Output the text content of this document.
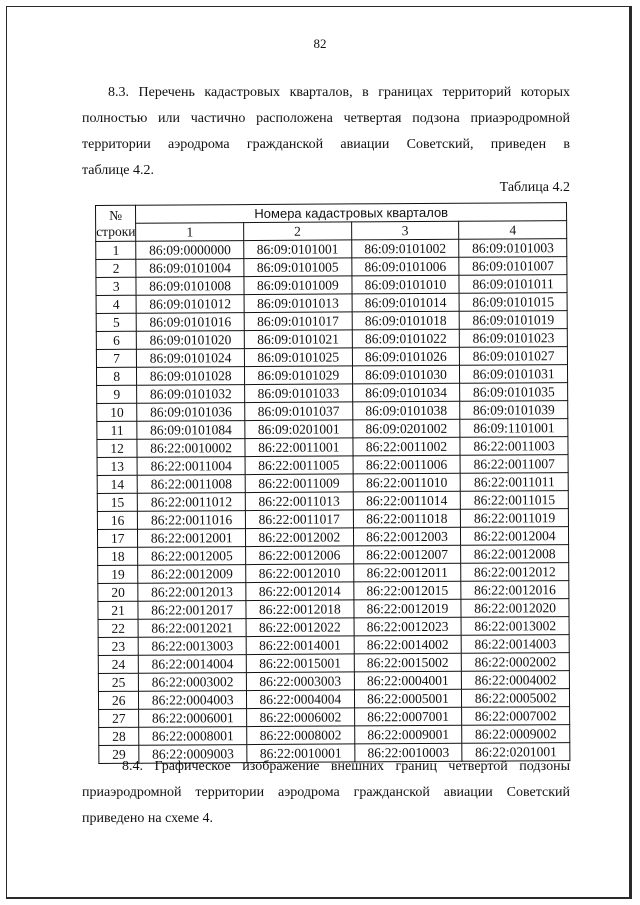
82
8.3. Перечень кадастровых кварталов, в границах территорий которых
полностью или частично расположена четвертая подзона приаэродромной
территории аэродрома гражданской авиации Советский, приведен в
таблице 4.2.
Таблица 4.2
№
строки	Номера кадастровых кварталов			
	1	2	3	4
1	86:09:0000000	86:09:0101001	86:09:0101002	86:09:0101003
2	86:09:0101004	86:09:0101005	86:09:0101006	86:09:0101007
3	86:09:0101008	86:09:0101009	86:09:0101010	86:09:0101011
4	86:09:0101012	86:09:0101013	86:09:0101014	86:09:0101015
5	86:09:0101016	86:09:0101017	86:09:0101018	86:09:0101019
6	86:09:0101020	86:09:0101021	86:09:0101022	86:09:0101023
7	86:09:0101024	86:09:0101025	86:09:0101026	86:09:0101027
8	86:09:0101028	86:09:0101029	86:09:0101030	86:09:0101031
9	86:09:0101032	86:09:0101033	86:09:0101034	86:09:0101035
10	86:09:0101036	86:09:0101037	86:09:0101038	86:09:0101039
11	86:09:0101084	86:09:0201001	86:09:0201002	86:09:1101001
12	86:22:0010002	86:22:0011001	86:22:0011002	86:22:0011003
13	86:22:0011004	86:22:0011005	86:22:0011006	86:22:0011007
14	86:22:0011008	86:22:0011009	86:22:0011010	86:22:0011011
15	86:22:0011012	86:22:0011013	86:22:0011014	86:22:0011015
16	86:22:0011016	86:22:0011017	86:22:0011018	86:22:0011019
17	86:22:0012001	86:22:0012002	86:22:0012003	86:22:0012004
18	86:22:0012005	86:22:0012006	86:22:0012007	86:22:0012008
19	86:22:0012009	86:22:0012010	86:22:0012011	86:22:0012012
20	86:22:0012013	86:22:0012014	86:22:0012015	86:22:0012016
21	86:22:0012017	86:22:0012018	86:22:0012019	86:22:0012020
22	86:22:0012021	86:22:0012022	86:22:0012023	86:22:0013002
23	86:22:0013003	86:22:0014001	86:22:0014002	86:22:0014003
24	86:22:0014004	86:22:0015001	86:22:0015002	86:22:0002002
25	86:22:0003002	86:22:0003003	86:22:0004001	86:22:0004002
26	86:22:0004003	86:22:0004004	86:22:0005001	86:22:0005002
27	86:22:0006001	86:22:0006002	86:22:0007001	86:22:0007002
28	86:22:0008001	86:22:0008002	86:22:0009001	86:22:0009002
29	86:22:0009003	86:22:0010001	86:22:0010003	86:22:0201001
8.4. Графическое изображение внешних границ четвертой подзоны
приаэродромной территории аэродрома гражданской авиации Советский
приведено на схеме 4.
